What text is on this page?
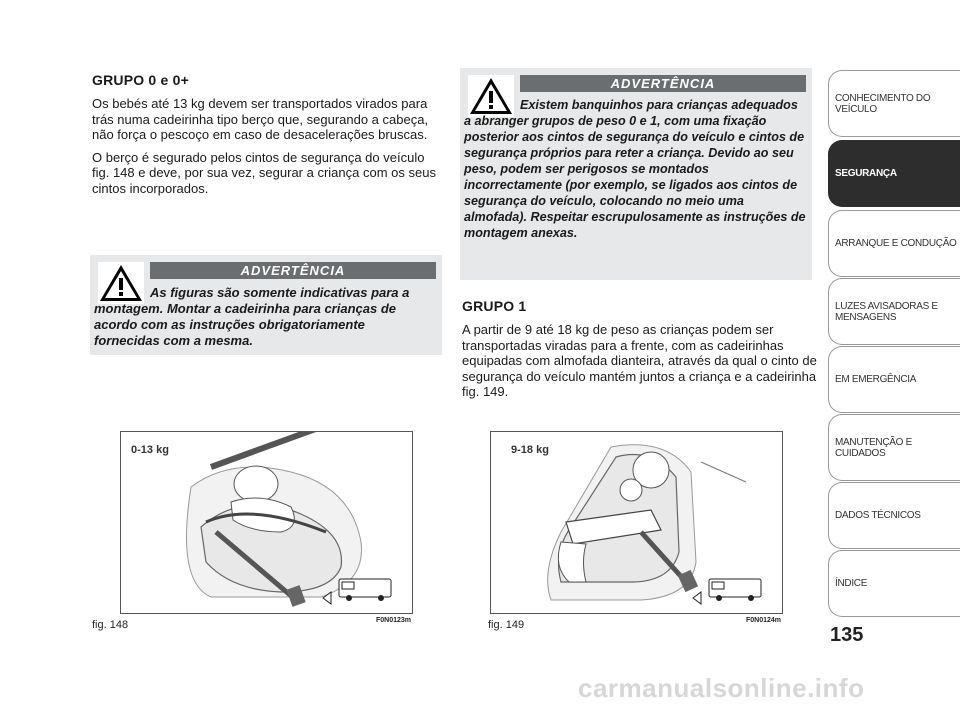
GRUPO 0 e 0+

Os bebés até 13 kg devem ser transportados virados para trás numa cadeirinha tipo berço que, segurando a cabeça, não força o pescoço em caso de desacelerações bruscas.

O berço é segurado pelos cintos de segurança do veículo fig. 148 e deve, por sua vez, segurar a criança com os seus cintos incorporados.

ADVERTÊNCIA
As figuras são somente indicativas para a montagem. Montar a cadeirinha para crianças de acordo com as instruções obrigatoriamente fornecidas com a mesma.
ADVERTÊNCIA
Existem banquinhos para crianças adequados a abranger grupos de peso 0 e 1, com uma fixação posterior aos cintos de segurança do veículo e cintos de segurança próprios para reter a criança. Devido ao seu peso, podem ser perigosos se montados incorrectamente (por exemplo, se ligados aos cintos de segurança do veículo, colocando no meio uma almofada). Respeitar escrupulosamente as instruções de montagem anexas.
GRUPO 1

A partir de 9 até 18 kg de peso as crianças podem ser transportadas viradas para a frente, com as cadeirinhas equipadas com almofada dianteira, através da qual o cinto de segurança do veículo mantém juntos a criança e a cadeirinha fig. 149.

0-13 kg
fig. 148	F0N0123m
9-18 kg
fig. 149	F0N0124m
CONHECIMENTO DO VEÍCULO
SEGURANÇA
ARRANQUE E CONDUÇÃO
LUZES AVISADORAS E MENSAGENS
EM EMERGÊNCIA
MANUTENÇÃO E CUIDADOS
DADOS TÉCNICOS
ÍNDICE
135
carmanualsonline.info
